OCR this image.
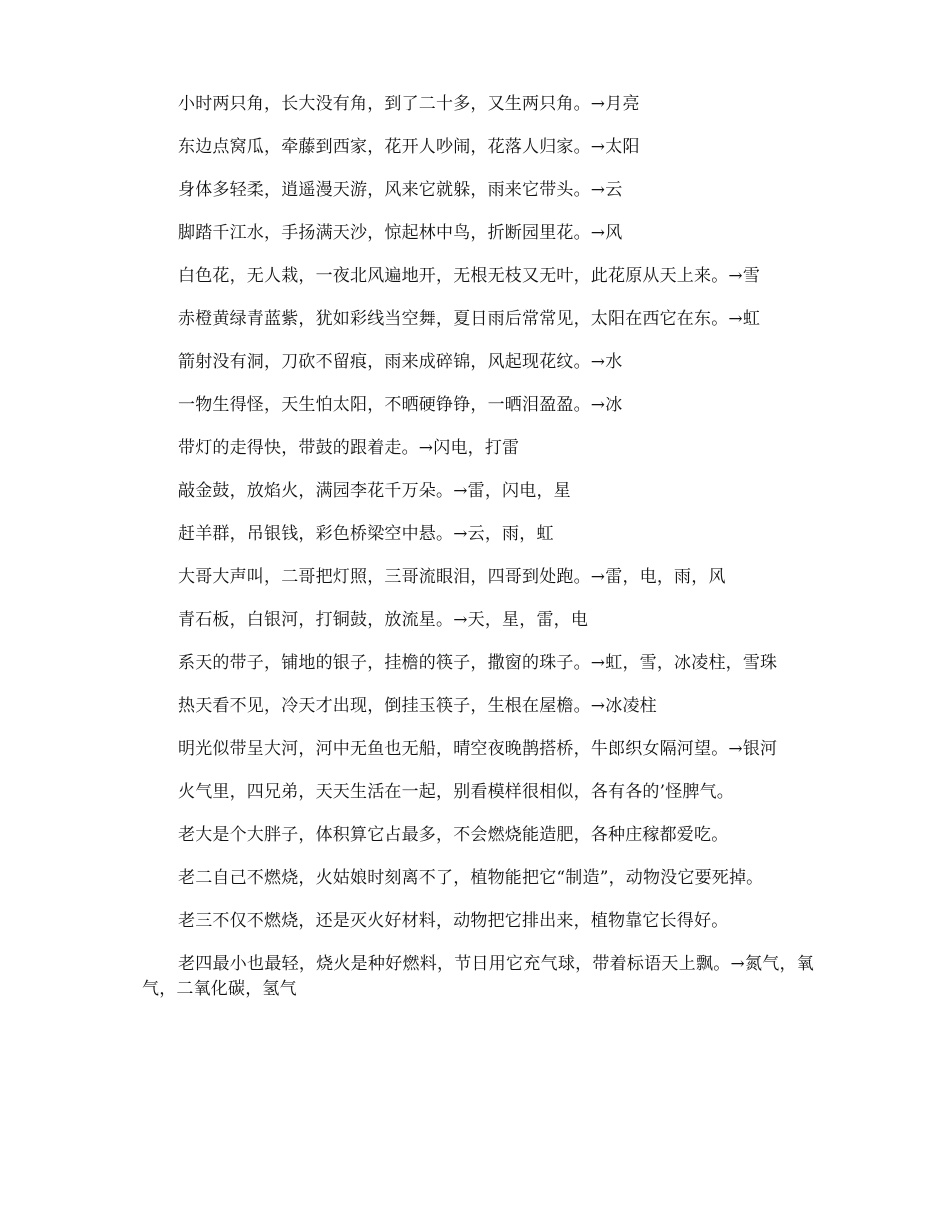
小时两只角，长大没有角，到了二十多，又生两只角。→月亮

东边点窝瓜，牵藤到西家，花开人吵闹，花落人归家。→太阳

身体多轻柔，逍遥漫天游，风来它就躲，雨来它带头。→云

脚踏千江水，手扬满天沙，惊起林中鸟，折断园里花。→风

白色花，无人栽，一夜北风遍地开，无根无枝又无叶，此花原从天上来。→雪

赤橙黄绿青蓝紫，犹如彩线当空舞，夏日雨后常常见，太阳在西它在东。→虹

箭射没有洞，刀砍不留痕，雨来成碎锦，风起现花纹。→水

一物生得怪，天生怕太阳，不晒硬铮铮，一晒泪盈盈。→冰

带灯的走得快，带鼓的跟着走。→闪电，打雷

敲金鼓，放焰火，满园李花千万朵。→雷，闪电，星

赶羊群，吊银钱，彩色桥梁空中悬。→云，雨，虹

大哥大声叫，二哥把灯照，三哥流眼泪，四哥到处跑。→雷，电，雨，风

青石板，白银河，打铜鼓，放流星。→天，星，雷，电

系天的带子，铺地的银子，挂檐的筷子，撒窗的珠子。→虹，雪，冰凌柱，雪珠

热天看不见，冷天才出现，倒挂玉筷子，生根在屋檐。→冰凌柱

明光似带呈大河，河中无鱼也无船，晴空夜晚鹊搭桥，牛郎织女隔河望。→银河

火气里，四兄弟，天天生活在一起，别看模样很相似，各有各的’怪脾气。

老大是个大胖子，体积算它占最多，不会燃烧能造肥，各种庄稼都爱吃。

老二自己不燃烧，火姑娘时刻离不了，植物能把它“制造”，动物没它要死掉。

老三不仅不燃烧，还是灭火好材料，动物把它排出来，植物靠它长得好。

老四最小也最轻，烧火是种好燃料，节日用它充气球，带着标语天上飘。→氮气，氧气，二氧化碳，氢气
